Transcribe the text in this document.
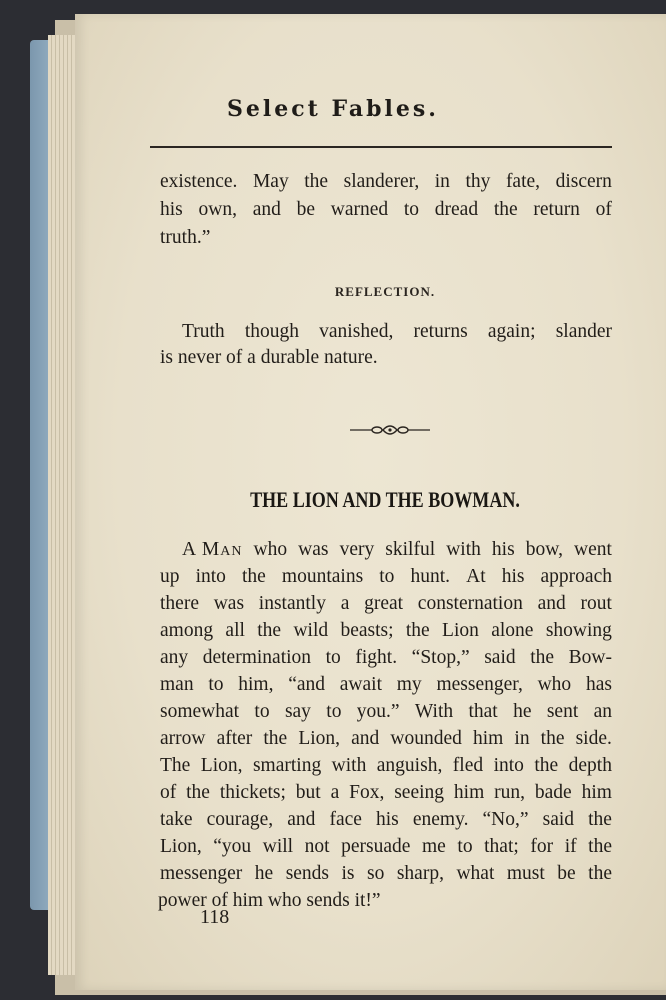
Select Fables.
existence. May the slanderer, in thy fate, discern
his own, and be warned to dread the return of
truth.”
REFLECTION.
Truth though vanished, returns again; slander
is never of a durable nature.
THE LION AND THE BOWMAN.
A Man who was very skilful with his bow, went
up into the mountains to hunt. At his approach
there was instantly a great consternation and rout
among all the wild beasts; the Lion alone showing
any determination to fight. “Stop,” said the Bow-
man to him, “and await my messenger, who has
somewhat to say to you.” With that he sent an
arrow after the Lion, and wounded him in the side.
The Lion, smarting with anguish, fled into the depth
of the thickets; but a Fox, seeing him run, bade him
take courage, and face his enemy. “No,” said the
Lion, “you will not persuade me to that; for if the
messenger he sends is so sharp, what must be the
power of him who sends it!”
118
